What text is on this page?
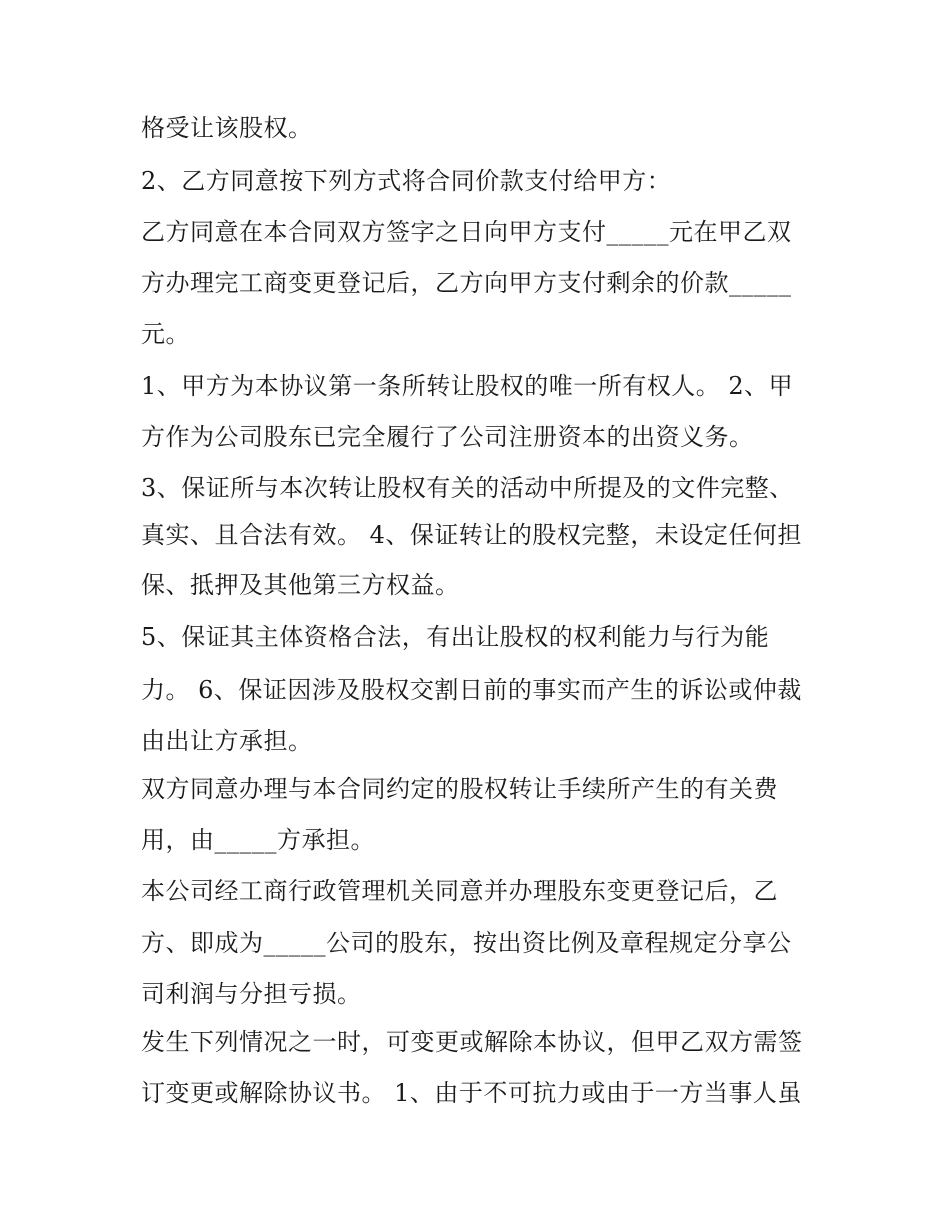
格受让该股权。
2、乙方同意按下列方式将合同价款支付给甲方：
乙方同意在本合同双方签字之日向甲方支付_____元在甲乙双
方办理完工商变更登记后，乙方向甲方支付剩余的价款_____
元。
1、甲方为本协议第一条所转让股权的唯一所有权人。 2、甲
方作为公司股东已完全履行了公司注册资本的出资义务。
3、保证所与本次转让股权有关的活动中所提及的文件完整、
真实、且合法有效。 4、保证转让的股权完整，未设定任何担
保、抵押及其他第三方权益。
5、保证其主体资格合法，有出让股权的权利能力与行为能
力。 6、保证因涉及股权交割日前的事实而产生的诉讼或仲裁
由出让方承担。
双方同意办理与本合同约定的股权转让手续所产生的有关费
用，由_____方承担。
本公司经工商行政管理机关同意并办理股东变更登记后，乙
方、即成为_____公司的股东，按出资比例及章程规定分享公
司利润与分担亏损。
发生下列情况之一时，可变更或解除本协议，但甲乙双方需签
订变更或解除协议书。 1、由于不可抗力或由于一方当事人虽
